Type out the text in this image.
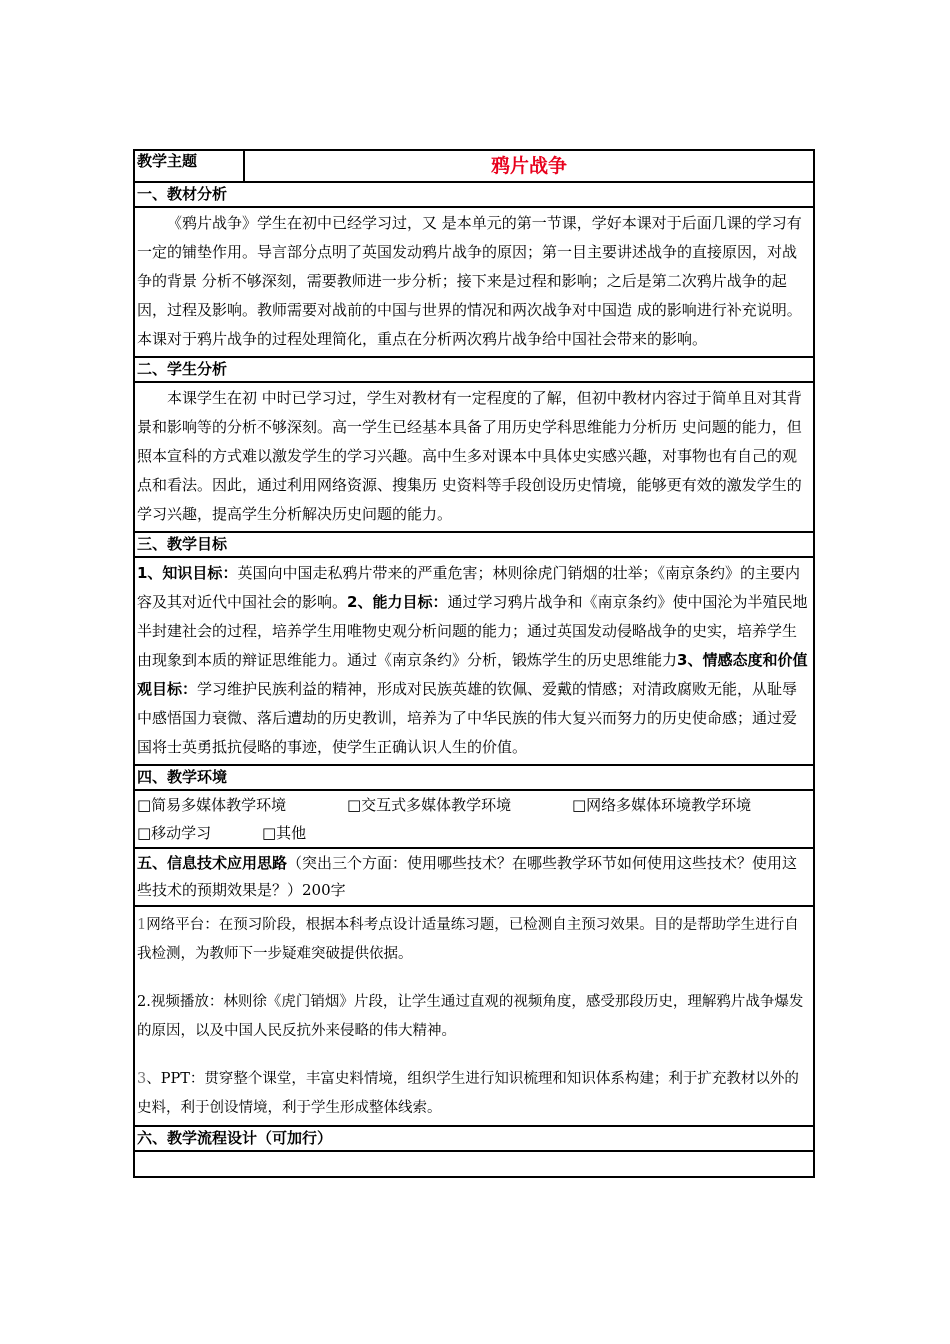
教学主题	鸦片战争
一、教材分析
《鸦片战争》学生在初中已经学习过，又 是本单元的第一节课，学好本课对于后面几课的学习有一定的铺垫作用。导言部分点明了英国发动鸦片战争的原因；第一目主要讲述战争的直接原因，对战争的背景 分析不够深刻，需要教师进一步分析；接下来是过程和影响；之后是第二次鸦片战争的起因，过程及影响。教师需要对战前的中国与世界的情况和两次战争对中国造 成的影响进行补充说明。本课对于鸦片战争的过程处理简化，重点在分析两次鸦片战争给中国社会带来的影响。
二、学生分析
本课学生在初 中时已学习过，学生对教材有一定程度的了解，但初中教材内容过于简单且对其背景和影响等的分析不够深刻。高一学生已经基本具备了用历史学科思维能力分析历 史问题的能力，但照本宣科的方式难以激发学生的学习兴趣。高中生多对课本中具体史实感兴趣，对事物也有自己的观点和看法。因此，通过利用网络资源、搜集历 史资料等手段创设历史情境，能够更有效的激发学生的学习兴趣，提高学生分析解决历史问题的能力。
三、教学目标
1、知识目标：英国向中国走私鸦片带来的严重危害；林则徐虎门销烟的壮举；《南京条约》的主要内容及其对近代中国社会的影响。2、能力目标：通过学习鸦片战争和《南京条约》使中国沦为半殖民地半封建社会的过程，培养学生用唯物史观分析问题的能力；通过英国发动侵略战争的史实，培养学生由现象到本质的辩证思维能力。通过《南京条约》分析，锻炼学生的历史思维能力3、情感态度和价值观目标：学习维护民族利益的精神，形成对民族英雄的钦佩、爱戴的情感；对清政腐败无能，从耻辱中感悟国力衰微、落后遭劫的历史教训，培养为了中华民族的伟大复兴而努力的历史使命感；通过爱国将士英勇抵抗侵略的事迹，使学生正确认识人生的价值。
四、教学环境

□简易多媒体教学环境	□交互式多媒体教学环境	□网络多媒体环境教学环境
□移动学习	□其他

五、信息技术应用思路（突出三个方面：使用哪些技术？在哪些教学环节如何使用这些技术？使用这些技术的预期效果是？）200字

1网络平台：在预习阶段，根据本科考点设计适量练习题，已检测自主预习效果。目的是帮助学生进行自我检测，为教师下一步疑难突破提供依据。

2.视频播放：林则徐《虎门销烟》片段，让学生通过直观的视频角度，感受那段历史，理解鸦片战争爆发的原因，以及中国人民反抗外来侵略的伟大精神。

3、PPT：贯穿整个课堂，丰富史料情境，组织学生进行知识梳理和知识体系构建；利于扩充教材以外的史料，利于创设情境，利于学生形成整体线索。

六、教学流程设计（可加行）
